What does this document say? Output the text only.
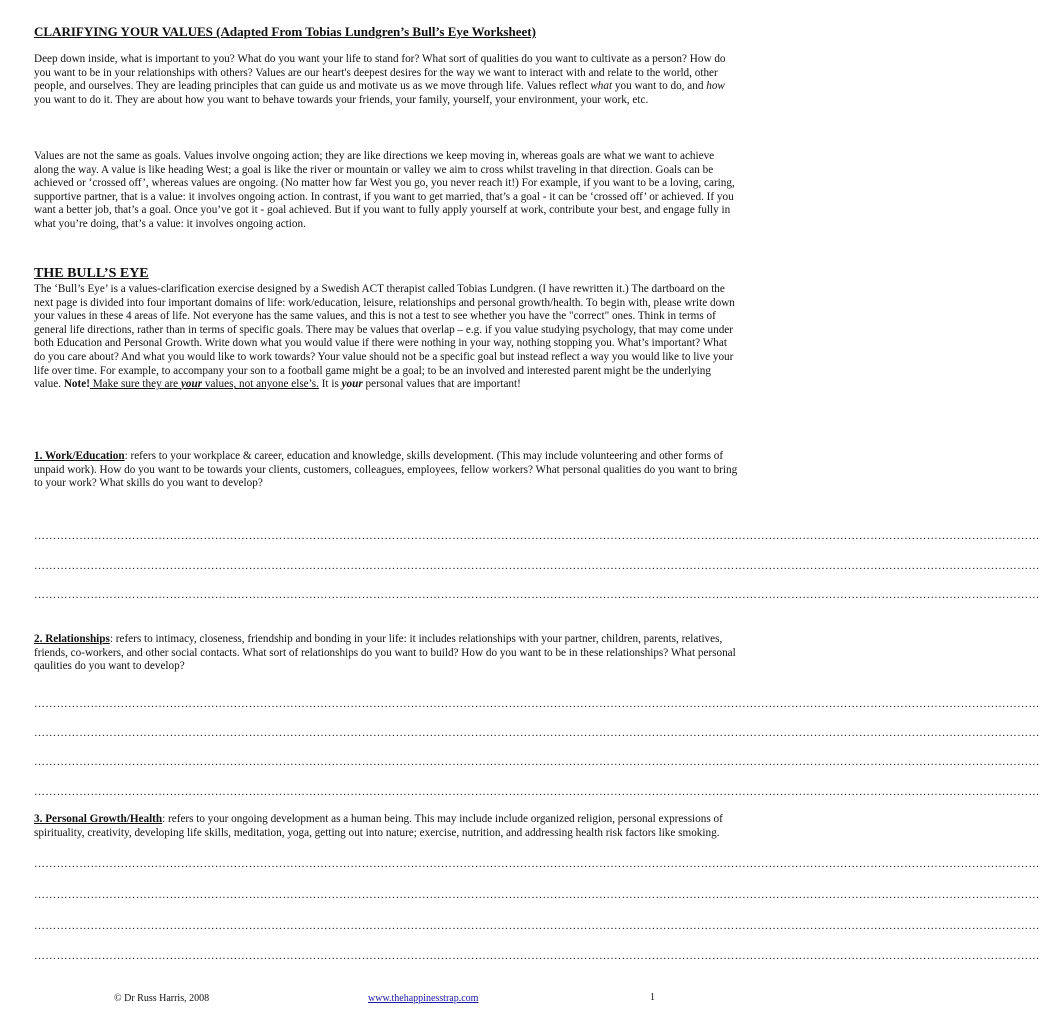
CLARIFYING YOUR VALUES (Adapted From Tobias Lundgren’s Bull’s Eye Worksheet)

Deep down inside, what is important to you? What do you want your life to stand for? What sort of qualities do you want to cultivate as a person? How do you want to be in your relationships with others? Values are our heart's deepest desires for the way we want to interact with and relate to the world, other people, and ourselves. They are leading principles that can guide us and motivate us as we move through life. Values reflect what you want to do, and how you want to do it. They are about how you want to behave towards your friends, your family, yourself, your environment, your work, etc.

Values are not the same as goals. Values involve ongoing action; they are like directions we keep moving in, whereas goals are what we want to achieve along the way. A value is like heading West; a goal is like the river or mountain or valley we aim to cross whilst traveling in that direction. Goals can be achieved or ‘crossed off’, whereas values are ongoing. (No matter how far West you go, you never reach it!) For example, if you want to be a loving, caring, supportive partner, that is a value: it involves ongoing action. In contrast, if you want to get married, that’s a goal - it can be ‘crossed off’ or achieved. If you want a better job, that’s a goal. Once you’ve got it - goal achieved. But if you want to fully apply yourself at work, contribute your best, and engage fully in what you’re doing, that’s a value: it involves ongoing action.

THE BULL’S EYE

The ‘Bull’s Eye’ is a values-clarification exercise designed by a Swedish ACT therapist called Tobias Lundgren. (I have rewritten it.) The dartboard on the next page is divided into four important domains of life: work/education, leisure, relationships and personal growth/health. To begin with, please write down your values in these 4 areas of life. Not everyone has the same values, and this is not a test to see whether you have the "correct" ones. Think in terms of general life directions, rather than in terms of specific goals. There may be values that overlap – e.g. if you value studying psychology, that may come under both Education and Personal Growth. Write down what you would value if there were nothing in your way, nothing stopping you. What’s important? What do you care about? And what you would like to work towards? Your value should not be a specific goal but instead reflect a way you would like to live your life over time. For example, to accompany your son to a football game might be a goal; to be an involved and interested parent might be the underlying value. Note! Make sure they are your values, not anyone else’s. It is your personal values that are important!

1. Work/Education: refers to your workplace & career, education and knowledge, skills development. (This may include volunteering and other forms of unpaid work). How do you want to be towards your clients, customers, colleagues, employees, fellow workers? What personal qualities do you want to bring to your work? What skills do you want to develop?

……………………………………………………………………………………………………………………………………………………………………………………………………………………………………………
……………………………………………………………………………………………………………………………………………………………………………………………………………………………………………
……………………………………………………………………………………………………………………………………………………………………………………………………………………………………………

2. Relationships: refers to intimacy, closeness, friendship and bonding in your life: it includes relationships with your partner, children, parents, relatives, friends, co-workers, and other social contacts. What sort of relationships do you want to build? How do you want to be in these relationships? What personal qaulities do you want to develop?

……………………………………………………………………………………………………………………………………………………………………………………………………………………………………………
……………………………………………………………………………………………………………………………………………………………………………………………………………………………………………
……………………………………………………………………………………………………………………………………………………………………………………………………………………………………………
……………………………………………………………………………………………………………………………………………………………………………………………………………………………………………

3. Personal Growth/Health: refers to your ongoing development as a human being. This may include include organized religion, personal expressions of spirituality, creativity, developing life skills, meditation, yoga, getting out into nature; exercise, nutrition, and addressing health risk factors like smoking.

……………………………………………………………………………………………………………………………………………………………………………………………………………………………………………
……………………………………………………………………………………………………………………………………………………………………………………………………………………………………………
……………………………………………………………………………………………………………………………………………………………………………………………………………………………………………
……………………………………………………………………………………………………………………………………………………………………………………………………………………………………………
© Dr Russ Harris, 2008	www.thehappinesstrap.com	1
